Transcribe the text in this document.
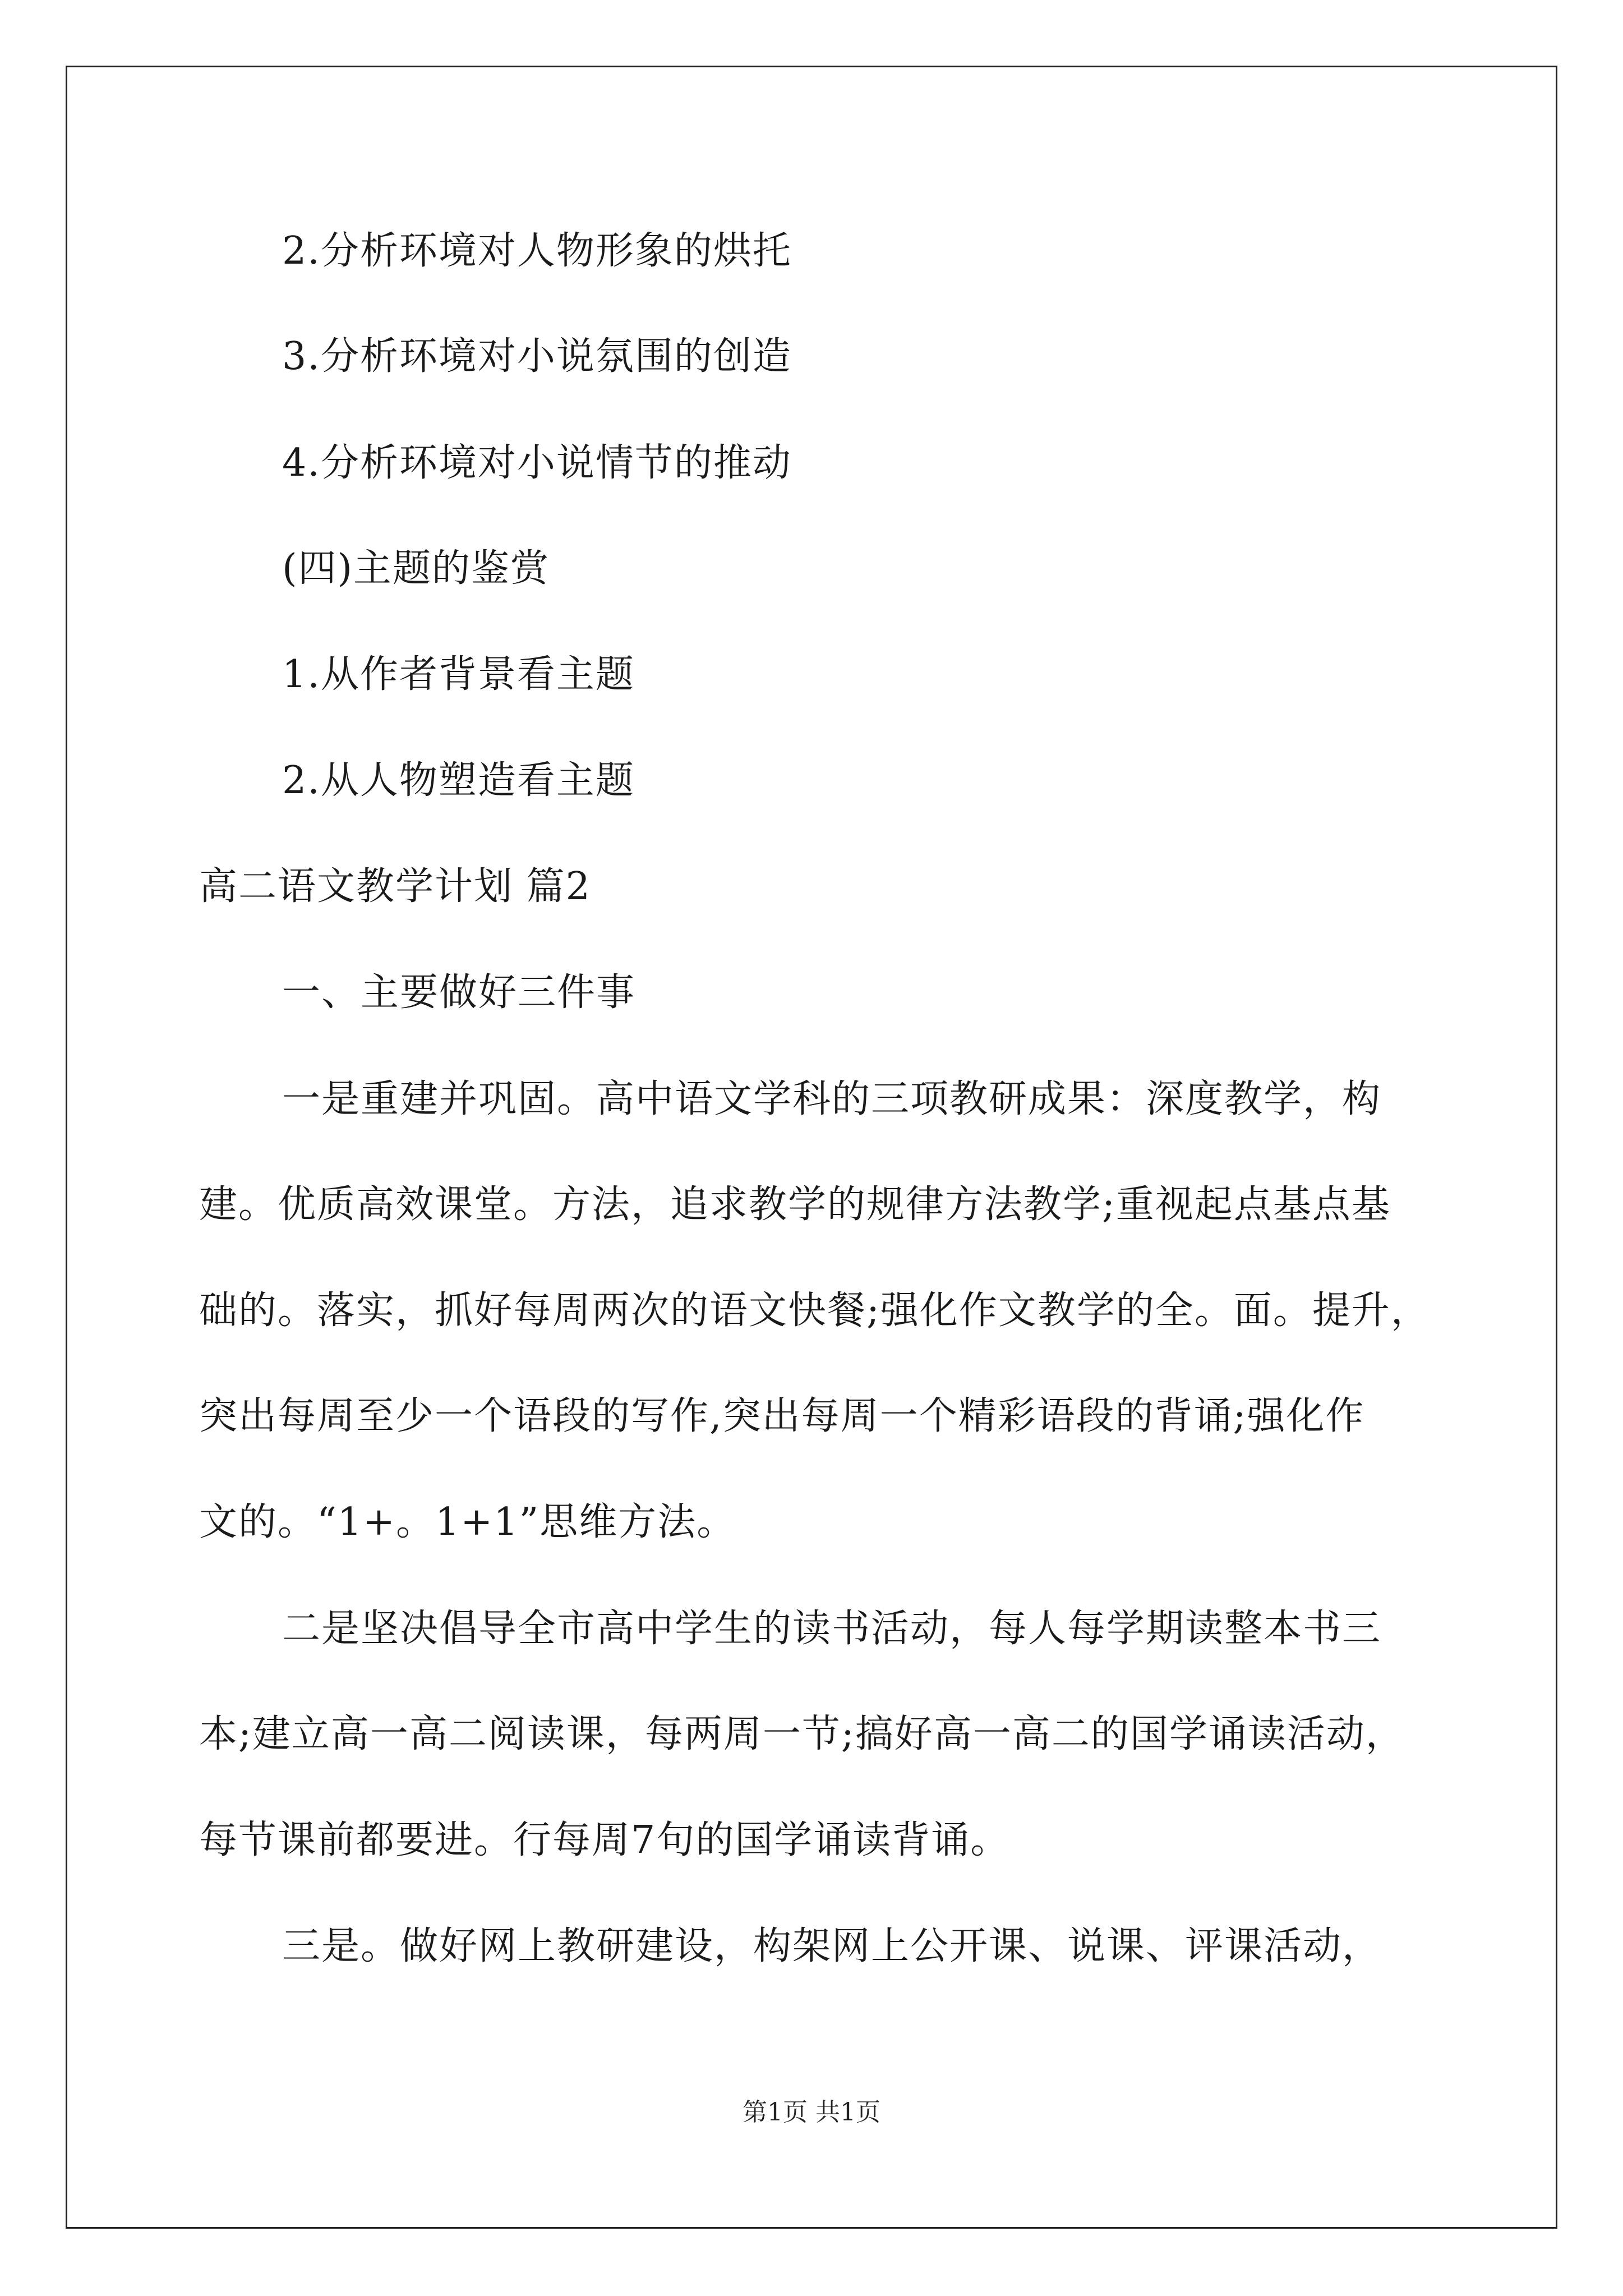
2.分析环境对人物形象的烘托
3.分析环境对小说氛围的创造
4.分析环境对小说情节的推动
(四)主题的鉴赏
1.从作者背景看主题
2.从人物塑造看主题
高二语文教学计划 篇2
一、主要做好三件事
一是重建并巩固。高中语文学科的三项教研成果：深度教学，构
建。优质高效课堂。方法，追求教学的规律方法教学;重视起点基点基
础的。落实，抓好每周两次的语文快餐;强化作文教学的全。面。提升，
突出每周至少一个语段的写作,突出每周一个精彩语段的背诵;强化作
文的。“1+。1+1”思维方法。
二是坚决倡导全市高中学生的读书活动，每人每学期读整本书三
本;建立高一高二阅读课，每两周一节;搞好高一高二的国学诵读活动，
每节课前都要进。行每周7句的国学诵读背诵。
三是。做好网上教研建设，构架网上公开课、说课、评课活动，
第1页 共1页
